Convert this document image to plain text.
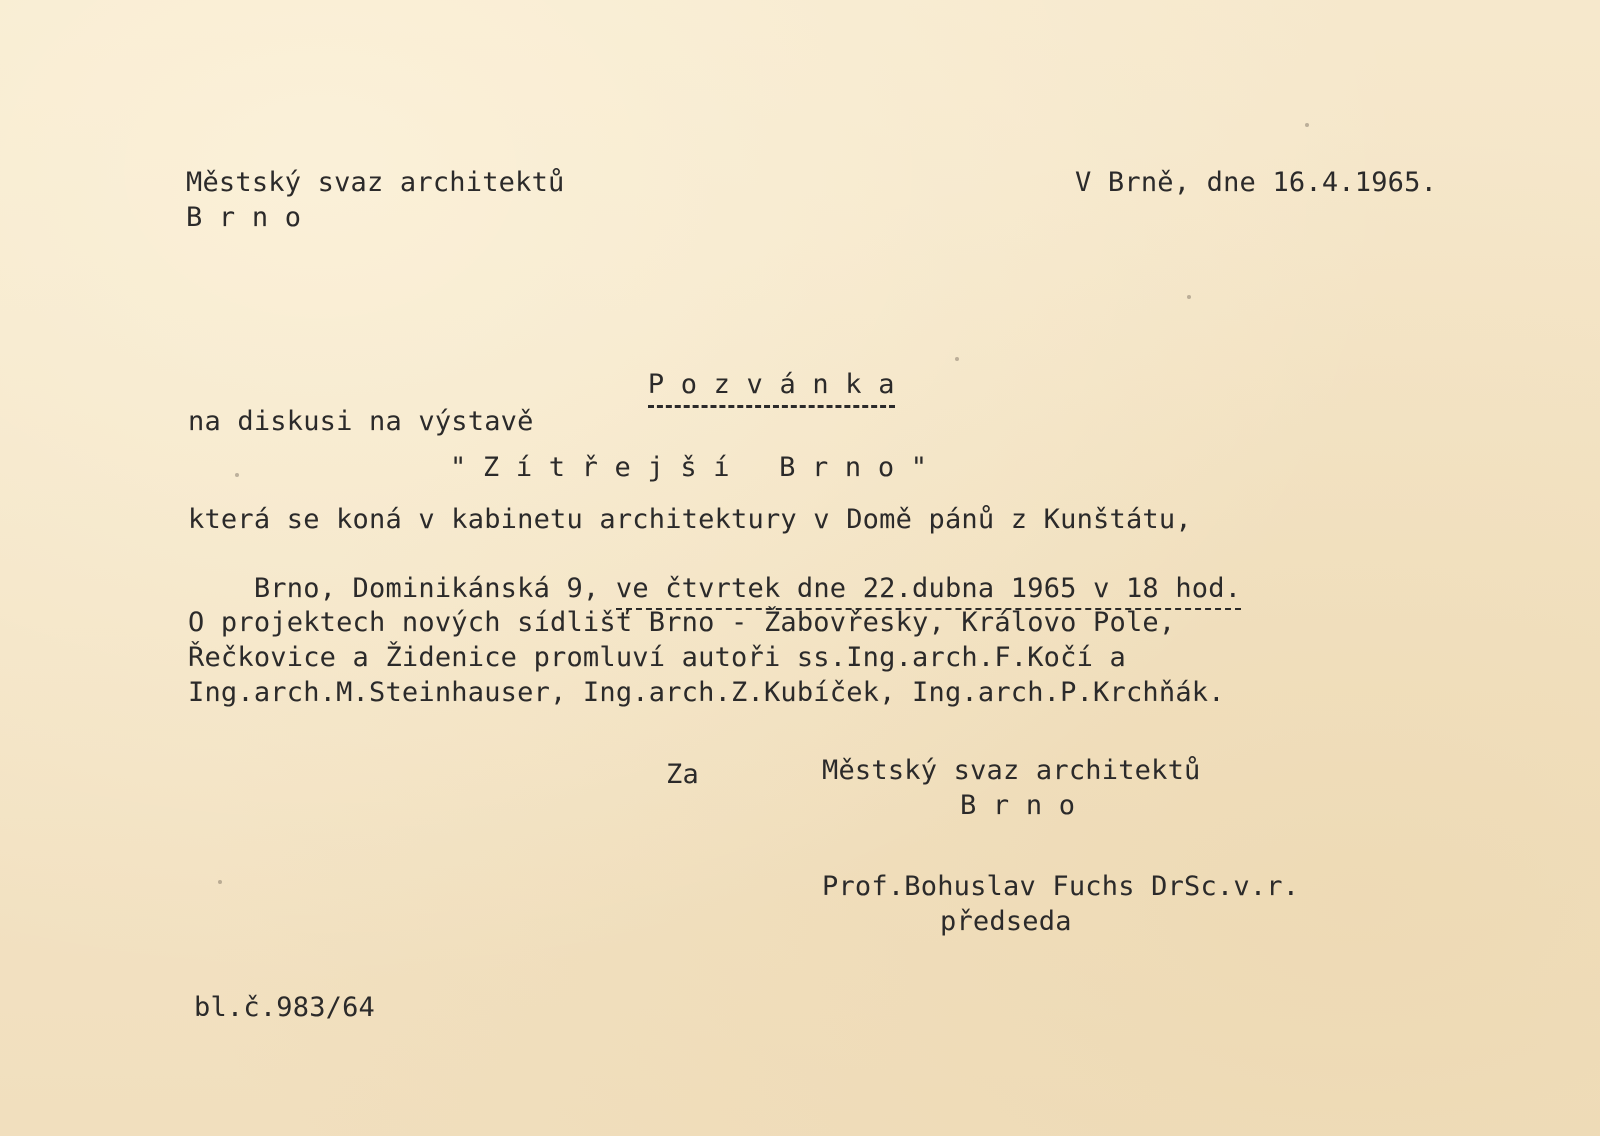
Městský svaz architektů
B r n o
V Brně, dne 16.4.1965.

P o z v á n k a

na diskusi na výstavě
" Z í t ř e j š í   B r n o "
která se koná v kabinetu architektury v Domě pánů z Kunštátu,

Brno, Dominikánská 9, ve čtvrtek dne 22.dubna 1965 v 18 hod.

O projektech nových sídlišť Brno - Žabovřesky, Královo Pole,
Řečkovice a Židenice promluví autoři ss.Ing.arch.F.Kočí a
Ing.arch.M.Steinhauser, Ing.arch.Z.Kubíček, Ing.arch.P.Krchňák.
Za	Městský svaz architektů
B r n o
Prof.Bohuslav Fuchs DrSc.v.r.
předseda
bl.č.983/64
